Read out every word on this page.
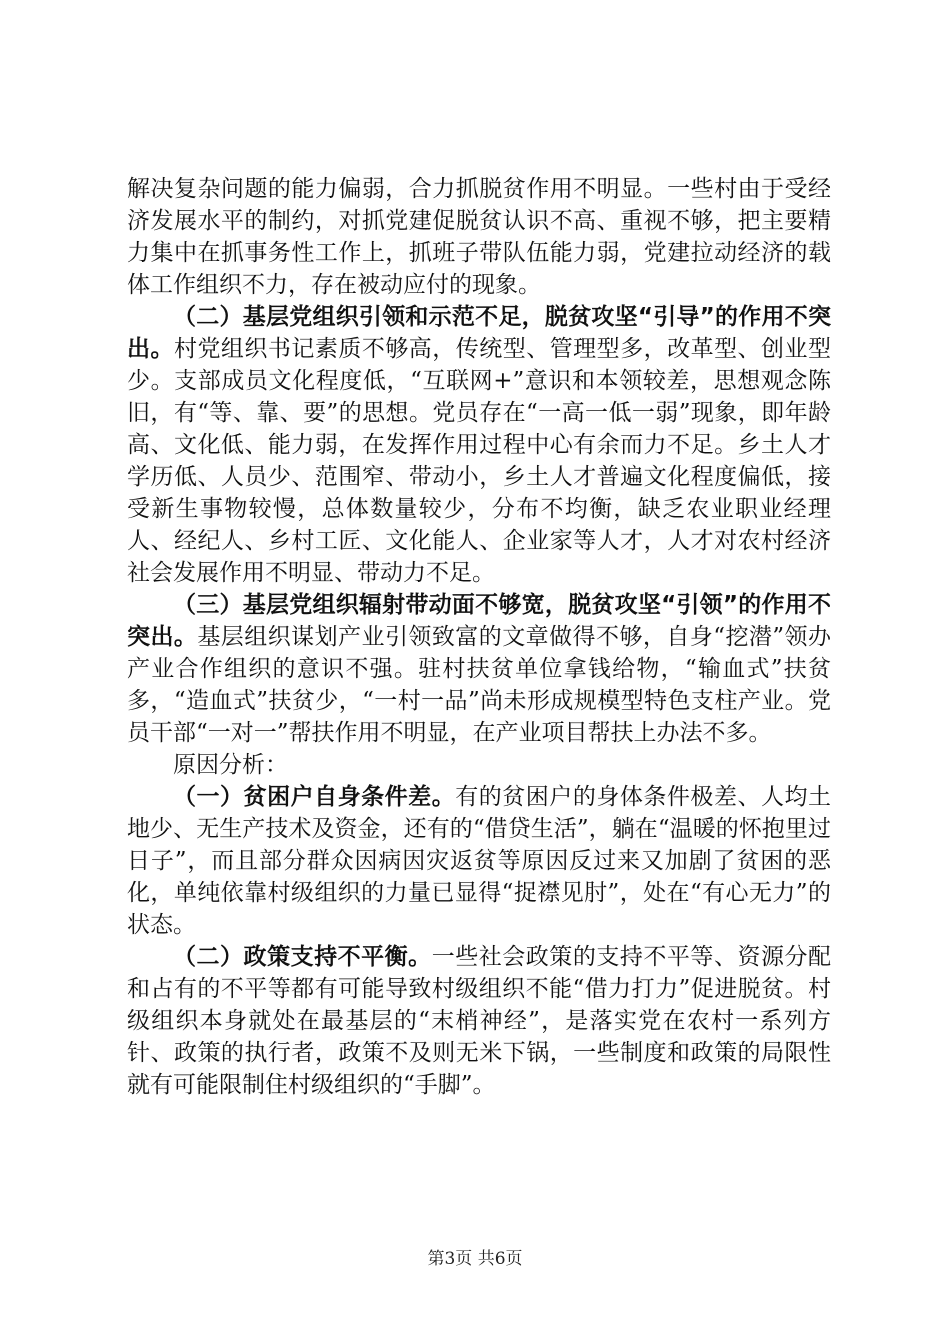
解决复杂问题的能力偏弱，合力抓脱贫作用不明显。一些村由于受经济发展水平的制约，对抓党建促脱贫认识不高、重视不够，把主要精力集中在抓事务性工作上，抓班子带队伍能力弱，党建拉动经济的载体工作组织不力，存在被动应付的现象。

（二）基层党组织引领和示范不足，脱贫攻坚“引导”的作用不突出。村党组织书记素质不够高，传统型、管理型多，改革型、创业型少。支部成员文化程度低，“互联网+”意识和本领较差，思想观念陈旧，有“等、靠、要”的思想。党员存在“一高一低一弱”现象，即年龄高、文化低、能力弱，在发挥作用过程中心有余而力不足。乡土人才学历低、人员少、范围窄、带动小，乡土人才普遍文化程度偏低，接受新生事物较慢，总体数量较少，分布不均衡，缺乏农业职业经理人、经纪人、乡村工匠、文化能人、企业家等人才，人才对农村经济社会发展作用不明显、带动力不足。

（三）基层党组织辐射带动面不够宽，脱贫攻坚“引领”的作用不突出。基层组织谋划产业引领致富的文章做得不够，自身“挖潜”领办产业合作组织的意识不强。驻村扶贫单位拿钱给物，“输血式”扶贫多，“造血式”扶贫少，“一村一品”尚未形成规模型特色支柱产业。党员干部“一对一”帮扶作用不明显，在产业项目帮扶上办法不多。

原因分析：

（一）贫困户自身条件差。有的贫困户的身体条件极差、人均土地少、无生产技术及资金，还有的“借贷生活”，躺在“温暖的怀抱里过日子”，而且部分群众因病因灾返贫等原因反过来又加剧了贫困的恶化，单纯依靠村级组织的力量已显得“捉襟见肘”，处在“有心无力”的状态。

（二）政策支持不平衡。一些社会政策的支持不平等、资源分配和占有的不平等都有可能导致村级组织不能“借力打力”促进脱贫。村级组织本身就处在最基层的“末梢神经”，是落实党在农村一系列方针、政策的执行者，政策不及则无米下锅，一些制度和政策的局限性就有可能限制住村级组织的“手脚”。

第3页 共6页
